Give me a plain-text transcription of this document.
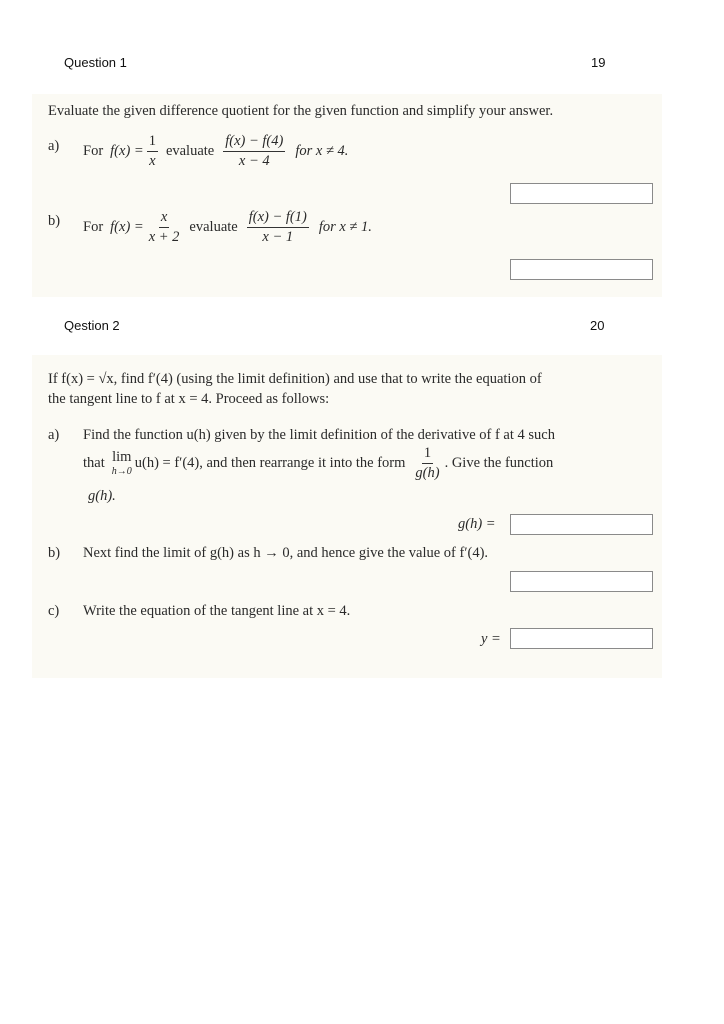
Question 1	19
Evaluate the given difference quotient for the given function and simplify your answer.
a) For $f(x) = \frac{1}{x}$ evaluate $\frac{f(x) - f(4)}{x - 4}$ for x ≠ 4.
b) For $f(x) = \frac{x}{x + 2}$ evaluate $\frac{f(x) - f(1)}{x - 1}$ for x ≠ 1.
Qestion 2	20
If f(x) = √x, find f′(4) (using the limit definition) and use that to write the equation of
the tangent line to f at x = 4. Proceed as follows:
a) Find the function u(h) given by the limit definition of the derivative of f at 4 such
that lim
h→0
u(h) = f′(4), and then rearrange it into the form $\frac{1}{g(h)}$ . Give the function
g(h).
g(h) =
b) Next find the limit of g(h) as h → 0, and hence give the value of f′(4).
c) Write the equation of the tangent line at x = 4.
y =
